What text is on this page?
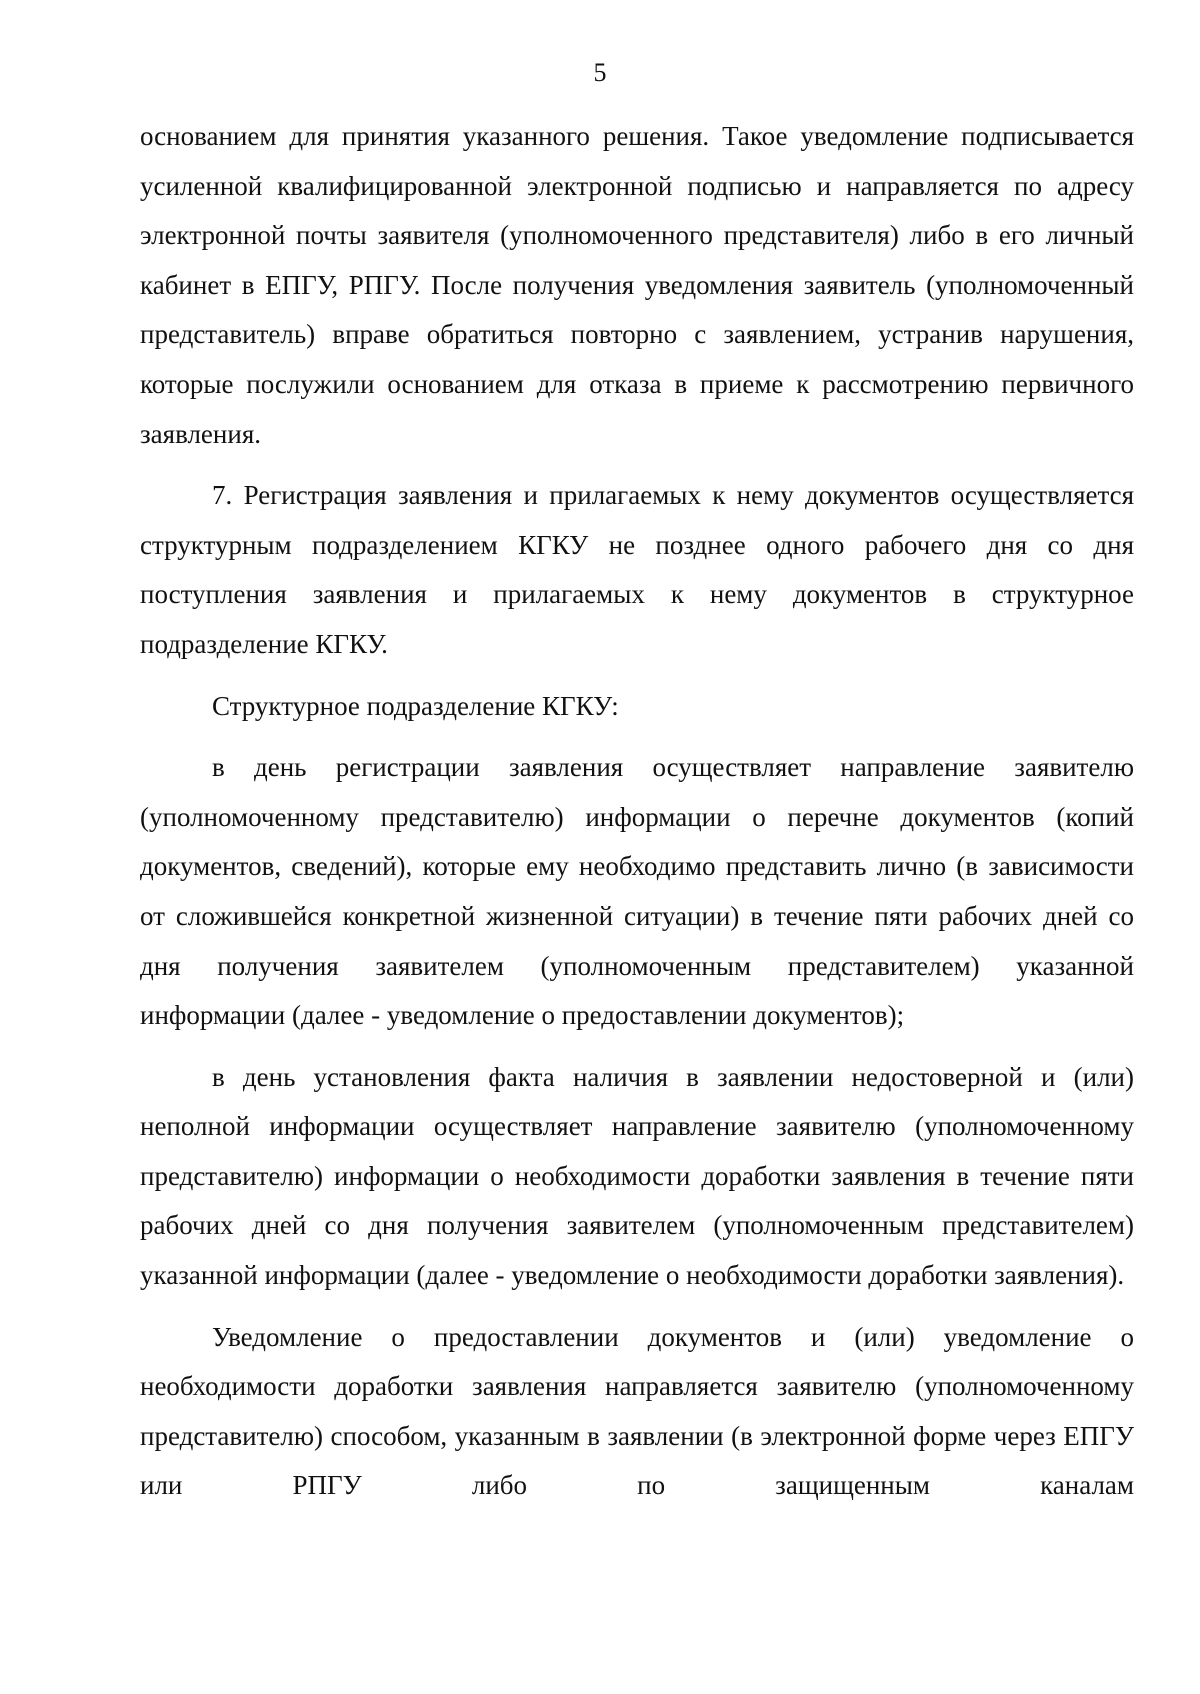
5

основанием для принятия указанного решения. Такое уведомление подписывается усиленной квалифицированной электронной подписью и направляется по адресу электронной почты заявителя (уполномоченного представителя) либо в его личный кабинет в ЕПГУ, РПГУ. После получения уведомления заявитель (уполномоченный представитель) вправе обратиться повторно с заявлением, устранив нарушения, которые послужили основанием для отказа в приеме к рассмотрению первичного заявления.

7. Регистрация заявления и прилагаемых к нему документов осуществляется структурным подразделением КГКУ не позднее одного рабочего дня со дня поступления заявления и прилагаемых к нему документов в структурное подразделение КГКУ.

Структурное подразделение КГКУ:

в день регистрации заявления осуществляет направление заявителю (уполномоченному представителю) информации о перечне документов (копий документов, сведений), которые ему необходимо представить лично (в зависимости от сложившейся конкретной жизненной ситуации) в течение пяти рабочих дней со дня получения заявителем (уполномоченным представителем) указанной информации (далее - уведомление о предоставлении документов);

в день установления факта наличия в заявлении недостоверной и (или) неполной информации осуществляет направление заявителю (уполномоченному представителю) информации о необходимости доработки заявления в течение пяти рабочих дней со дня получения заявителем (уполномоченным представителем) указанной информации (далее - уведомление о необходимости доработки заявления).

Уведомление о предоставлении документов и (или) уведомление о необходимости доработки заявления направляется заявителю (уполномоченному представителю) способом, указанным в заявлении (в электронной форме через ЕПГУ или РПГУ либо по защищенным каналам
